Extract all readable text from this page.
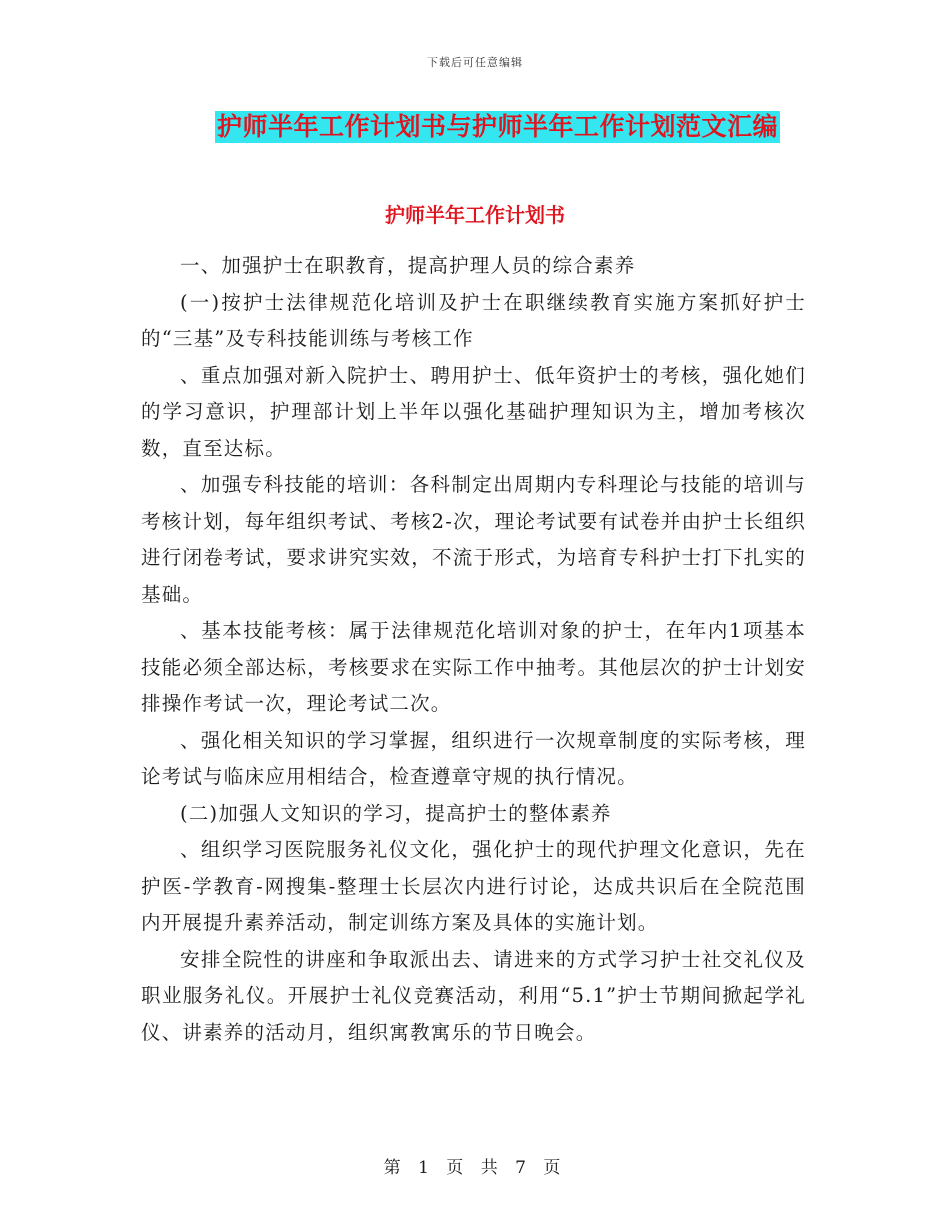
下载后可任意编辑
护师半年工作计划书与护师半年工作计划范文汇编
护师半年工作计划书

一、加强护士在职教育，提高护理人员的综合素养

(一)按护士法律规范化培训及护士在职继续教育实施方案抓好护士的“三基”及专科技能训练与考核工作

、重点加强对新入院护士、聘用护士、低年资护士的考核，强化她们的学习意识，护理部计划上半年以强化基础护理知识为主，增加考核次数，直至达标。

、加强专科技能的培训：各科制定出周期内专科理论与技能的培训与考核计划，每年组织考试、考核2-次，理论考试要有试卷并由护士长组织进行闭卷考试，要求讲究实效，不流于形式，为培育专科护士打下扎实的基础。

、基本技能考核：属于法律规范化培训对象的护士，在年内1项基本技能必须全部达标，考核要求在实际工作中抽考。其他层次的护士计划安排操作考试一次，理论考试二次。

、强化相关知识的学习掌握，组织进行一次规章制度的实际考核，理论考试与临床应用相结合，检查遵章守规的执行情况。

(二)加强人文知识的学习，提高护士的整体素养

、组织学习医院服务礼仪文化，强化护士的现代护理文化意识，先在护医-学教育-网搜集-整理士长层次内进行讨论，达成共识后在全院范围内开展提升素养活动，制定训练方案及具体的实施计划。

安排全院性的讲座和争取派出去、请进来的方式学习护士社交礼仪及职业服务礼仪。开展护士礼仪竞赛活动，利用“5.1”护士节期间掀起学礼仪、讲素养的活动月，组织寓教寓乐的节日晚会。

第 1 页 共 7 页
